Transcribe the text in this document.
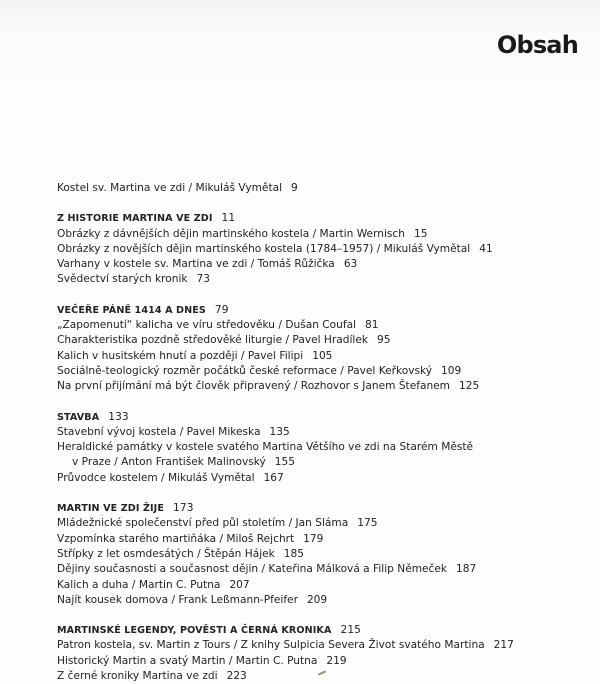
Obsah
Kostel sv. Martina ve zdi / Mikuláš Vymětal 9
Z HISTORIE MARTINA VE ZDI 11
Obrázky z dávnějších dějin martinského kostela / Martin Wernisch 15
Obrázky z novějších dějin martinského kostela (1784–1957) / Mikuláš Vymětal 41
Varhany v kostele sv. Martina ve zdi / Tomáš Růžička 63
Svědectví starých kronik 73
VEČEŘE PÁNĚ 1414 A DNES 79
„Zapomenutí“ kalicha ve víru středověku / Dušan Coufal 81
Charakteristika pozdně středověké liturgie / Pavel Hradílek 95
Kalich v husitském hnutí a později / Pavel Filipi 105
Sociálně-teologický rozměr počátků české reformace / Pavel Keřkovský 109
Na první přijímání má být člověk připravený / Rozhovor s Janem Štefanem 125
STAVBA 133
Stavební vývoj kostela / Pavel Mikeska 135
Heraldické památky v kostele svatého Martina Většího ve zdi na Starém Městě
v Praze / Anton František Malinovský 155
Průvodce kostelem / Mikuláš Vymětal 167
MARTIN VE ZDI ŽIJE 173
Mládežnické společenství před půl stoletím / Jan Sláma 175
Vzpomínka starého martiňáka / Miloš Rejchrt 179
Střípky z let osmdesátých / Štěpán Hájek 185
Dějiny současnosti a současnost dějin / Kateřina Málková a Filip Němeček 187
Kalich a duha / Martin C. Putna 207
Najít kousek domova / Frank Leßmann-Pfeifer 209
MARTINSKÉ LEGENDY, POVĚSTI A ČERNÁ KRONIKA 215
Patron kostela, sv. Martin z Tours / Z knihy Sulpicia Severa Život svatého Martina 217
Historický Martin a svatý Martin / Martin C. Putna 219
Z černé kroniky Martina ve zdi 223
